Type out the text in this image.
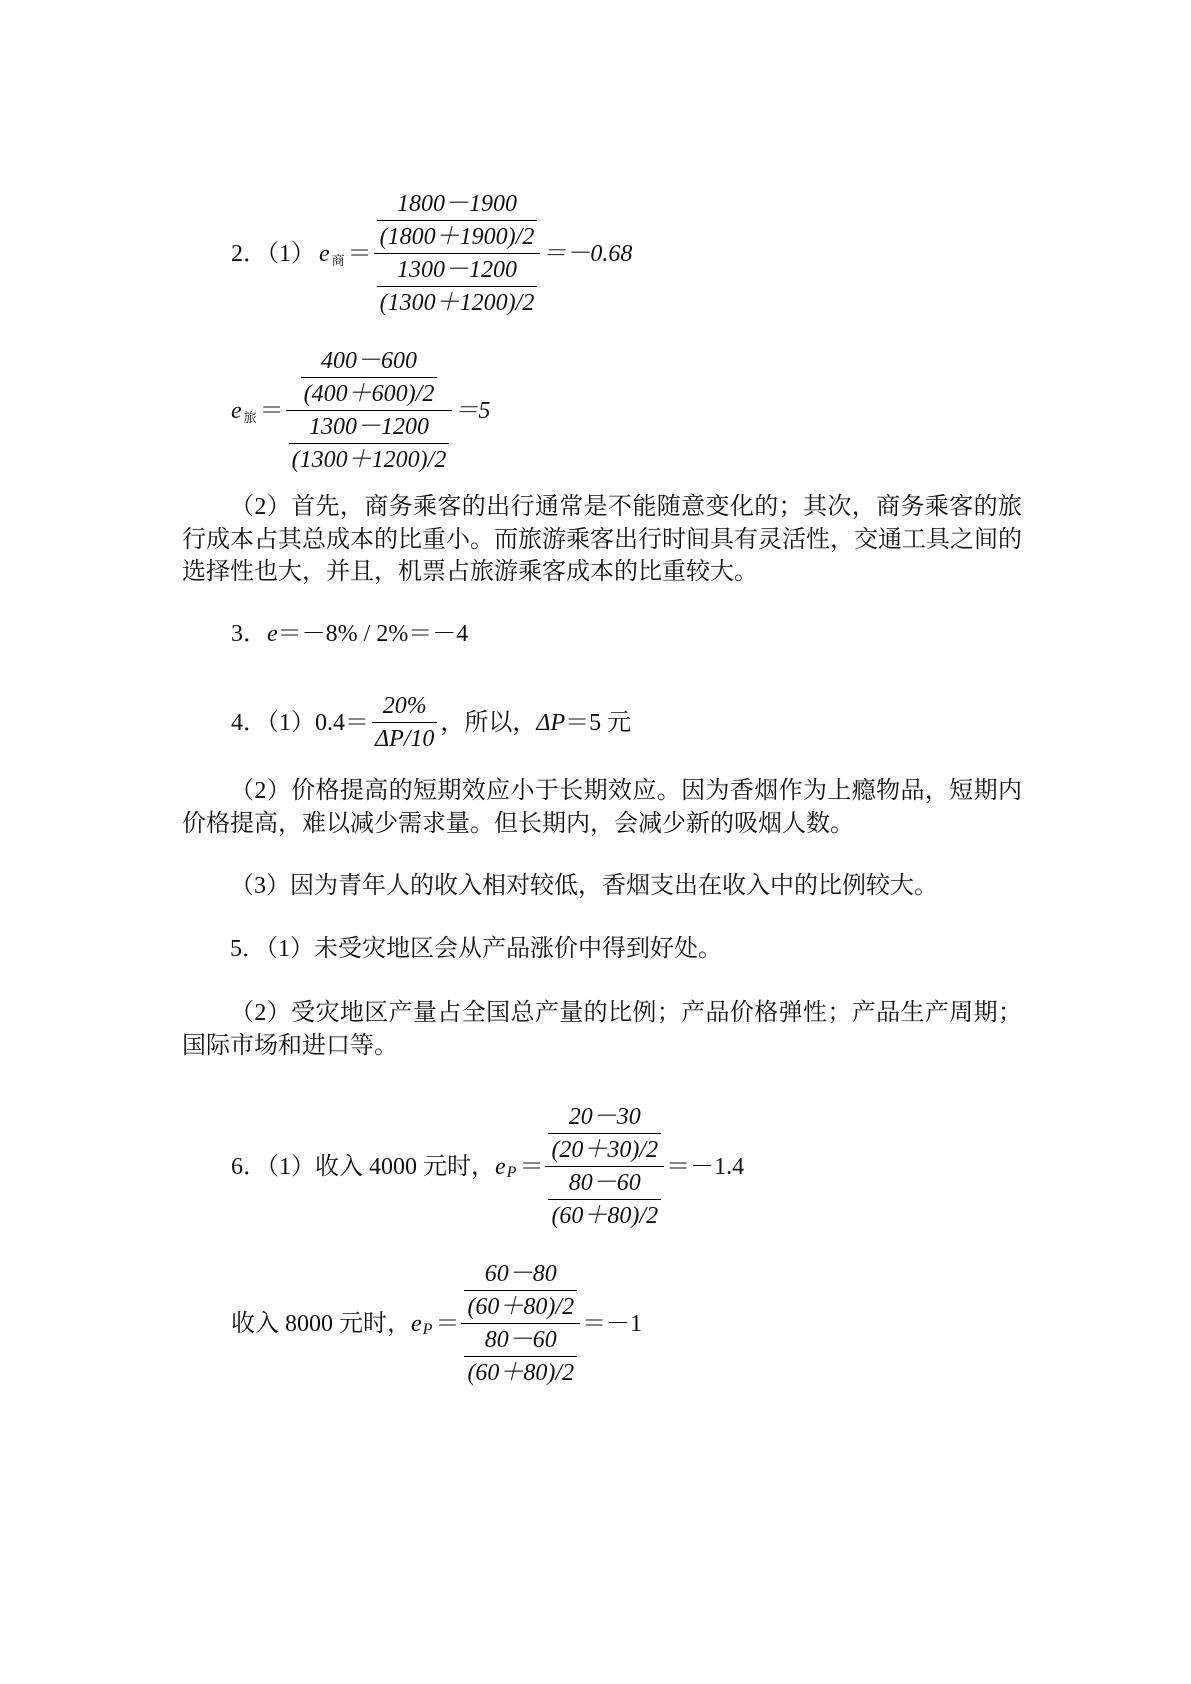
2．（1） e 商 ＝ $\frac{\frac{1800-1900}{(1800+1900)/2}}{\frac{1300-1200}{(1300+1200)/2}} =-0.68$
e 旅 ＝ $\frac{\frac{400-600}{(400+600)/2}}{\frac{1300-1200}{(1300+1200)/2}} =5$
（2）首先，商务乘客的出行通常是不能随意变化的；其次，商务乘客的旅
行成本占其总成本的比重小。而旅游乘客出行时间具有灵活性，交通工具之间的
选择性也大，并且，机票占旅游乘客成本的比重较大。
3． e ＝－8% / 2%＝－4
4．（1） $0.4= \frac{20\%}{\Delta P/10}$ ，所以， ΔP ＝5 元
（2）价格提高的短期效应小于长期效应。因为香烟作为上瘾物品，短期内
价格提高，难以减少需求量。但长期内，会减少新的吸烟人数。
（3）因为青年人的收入相对较低，香烟支出在收入中的比例较大。
5．（1）未受灾地区会从产品涨价中得到好处。
（2）受灾地区产量占全国总产量的比例；产品价格弹性；产品生产周期；
国际市场和进口等。
6．（1） 收入 4000 元时， e $P = \frac{\frac{20-30}{(20+30)/2}}{\frac{80-60}{(60+80)/2}} =-1.4$
收入 8000 元时， e $P = \frac{\frac{60-80}{(60+80)/2}}{\frac{80-60}{(60+80)/2}} =-1$
